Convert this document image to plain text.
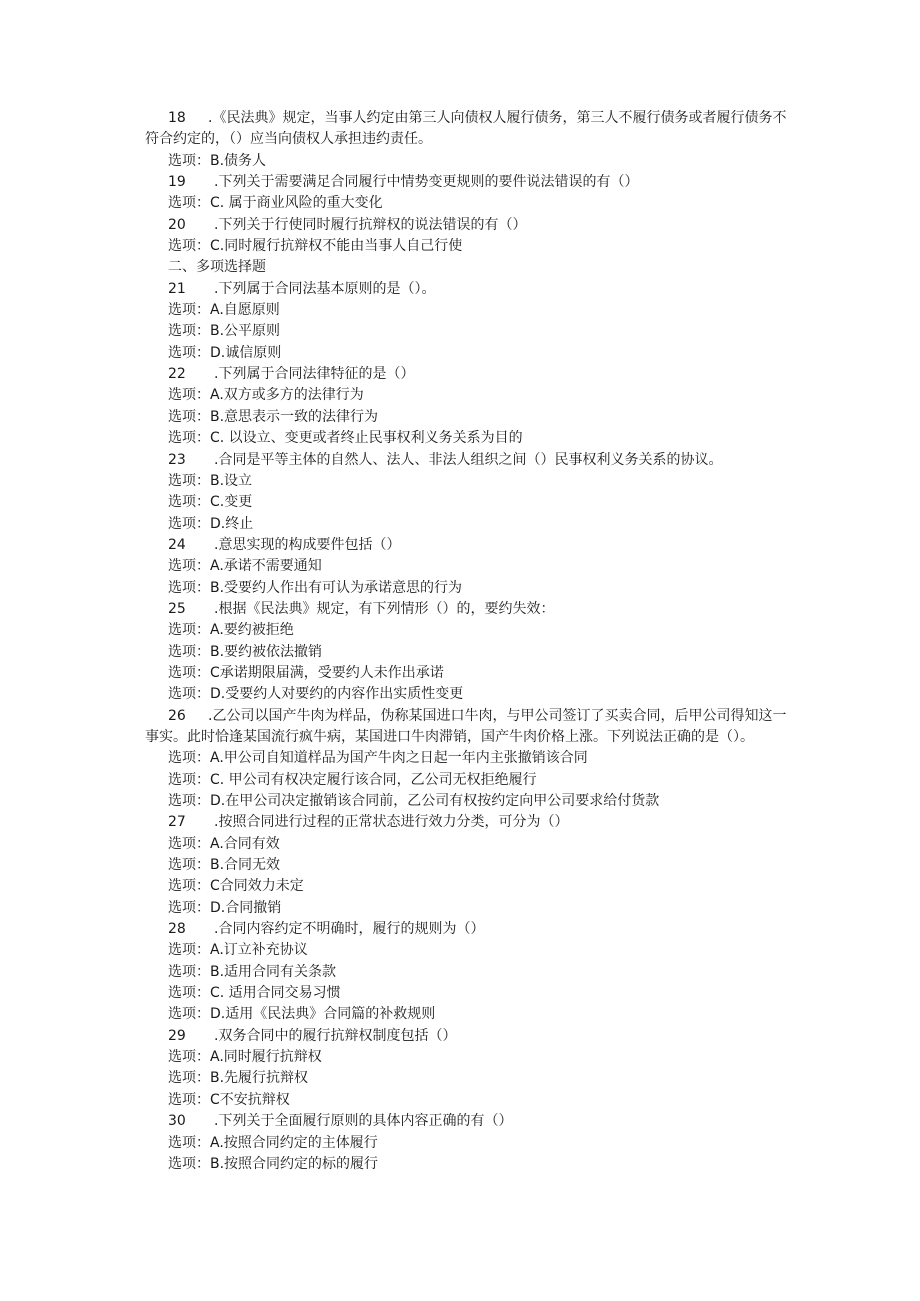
18 .《民法典》规定，当事人约定由第三人向债权人履行债务，第三人不履行债务或者履行债务不符合约定的，（）应当向债权人承担违约责任。
选项：B.债务人
19 .下列关于需要满足合同履行中情势变更规则的要件说法错误的有（）
选项：C. 属于商业风险的重大变化
20 .下列关于行使同时履行抗辩权的说法错误的有（）
选项：C.同时履行抗辩权不能由当事人自己行使
二、多项选择题
21 .下列属于合同法基本原则的是（）。
选项：A.自愿原则
选项：B.公平原则
选项：D.诚信原则
22 .下列属于合同法律特征的是（）
选项：A.双方或多方的法律行为
选项：B.意思表示一致的法律行为
选项：C. 以设立、变更或者终止民事权利义务关系为目的
23 .合同是平等主体的自然人、法人、非法人组织之间（）民事权利义务关系的协议。
选项：B.设立
选项：C.变更
选项：D.终止
24 .意思实现的构成要件包括（）
选项：A.承诺不需要通知
选项：B.受要约人作出有可认为承诺意思的行为
25 .根据《民法典》规定，有下列情形（）的，要约失效：
选项：A.要约被拒绝
选项：B.要约被依法撤销
选项：C承诺期限届满，受要约人未作出承诺
选项：D.受要约人对要约的内容作出实质性变更
26 .乙公司以国产牛肉为样品，伪称某国进口牛肉，与甲公司签订了买卖合同，后甲公司得知这一事实。此时恰逢某国流行疯牛病，某国进口牛肉滞销，国产牛肉价格上涨。下列说法正确的是（）。
选项：A.甲公司自知道样品为国产牛肉之日起一年内主张撤销该合同
选项：C. 甲公司有权决定履行该合同，乙公司无权拒绝履行
选项：D.在甲公司决定撤销该合同前，乙公司有权按约定向甲公司要求给付货款
27 .按照合同进行过程的正常状态进行效力分类，可分为（）
选项：A.合同有效
选项：B.合同无效
选项：C合同效力未定
选项：D.合同撤销
28 .合同内容约定不明确时，履行的规则为（）
选项：A.订立补充协议
选项：B.适用合同有关条款
选项：C. 适用合同交易习惯
选项：D.适用《民法典》合同篇的补救规则
29 .双务合同中的履行抗辩权制度包括（）
选项：A.同时履行抗辩权
选项：B.先履行抗辩权
选项：C不安抗辩权
30 .下列关于全面履行原则的具体内容正确的有（）
选项：A.按照合同约定的主体履行
选项：B.按照合同约定的标的履行
